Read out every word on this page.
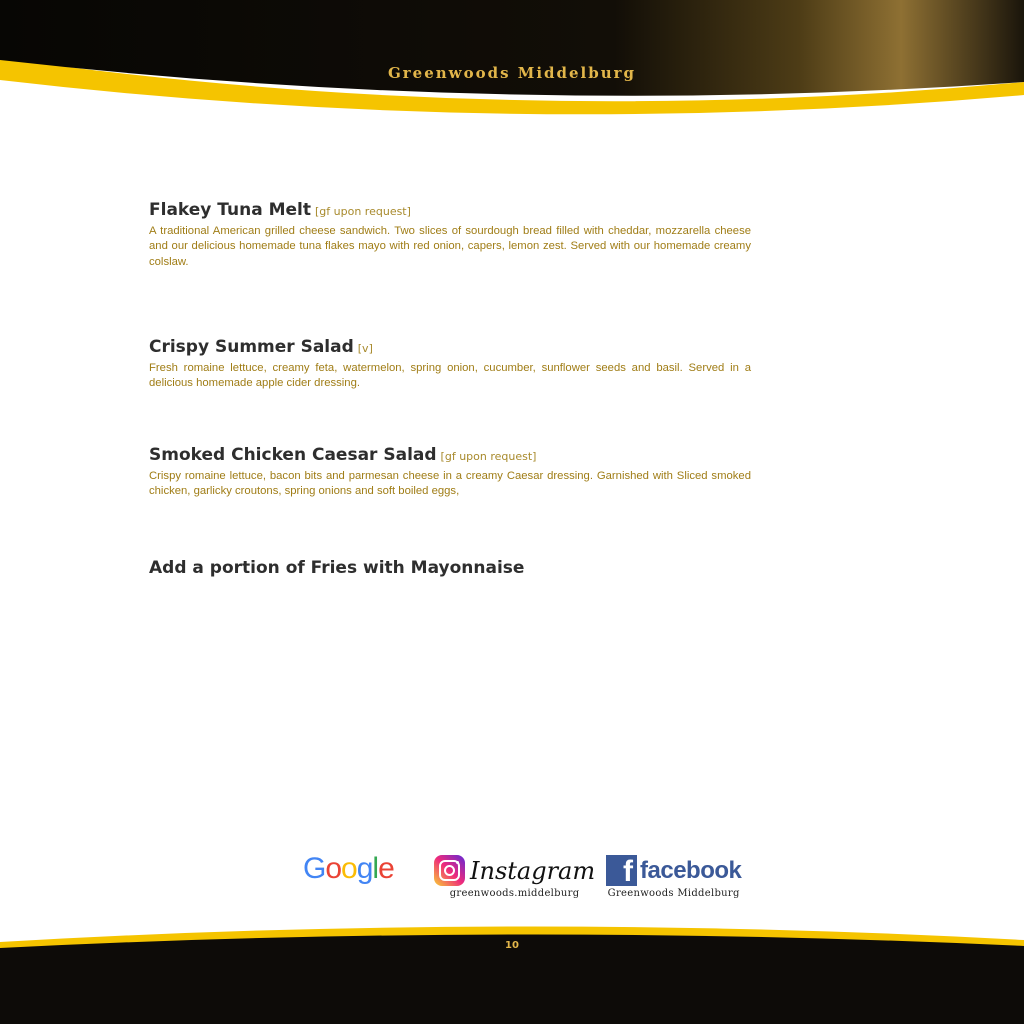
Greenwoods Middelburg
Flakey Tuna Melt [gf upon request]
A traditional American grilled cheese sandwich. Two slices of sourdough bread filled with cheddar, mozzarella cheese and our delicious homemade tuna flakes mayo with red onion, capers, lemon zest. Served with our homemade creamy colslaw.
Crispy Summer Salad [v]
Fresh romaine lettuce, creamy feta, watermelon, spring onion, cucumber, sunflower seeds and basil. Served in a delicious homemade apple cider dressing.
Smoked Chicken Caesar Salad [gf upon request]
Crispy romaine lettuce, bacon bits and parmesan cheese in a creamy Caesar dressing. Garnished with Sliced smoked chicken, garlicky croutons, spring onions and soft boiled eggs,
Add a portion of Fries with Mayonnaise
Google	Instagram
greenwoods.middelburg
f facebook
Greenwoods Middelburg
10
